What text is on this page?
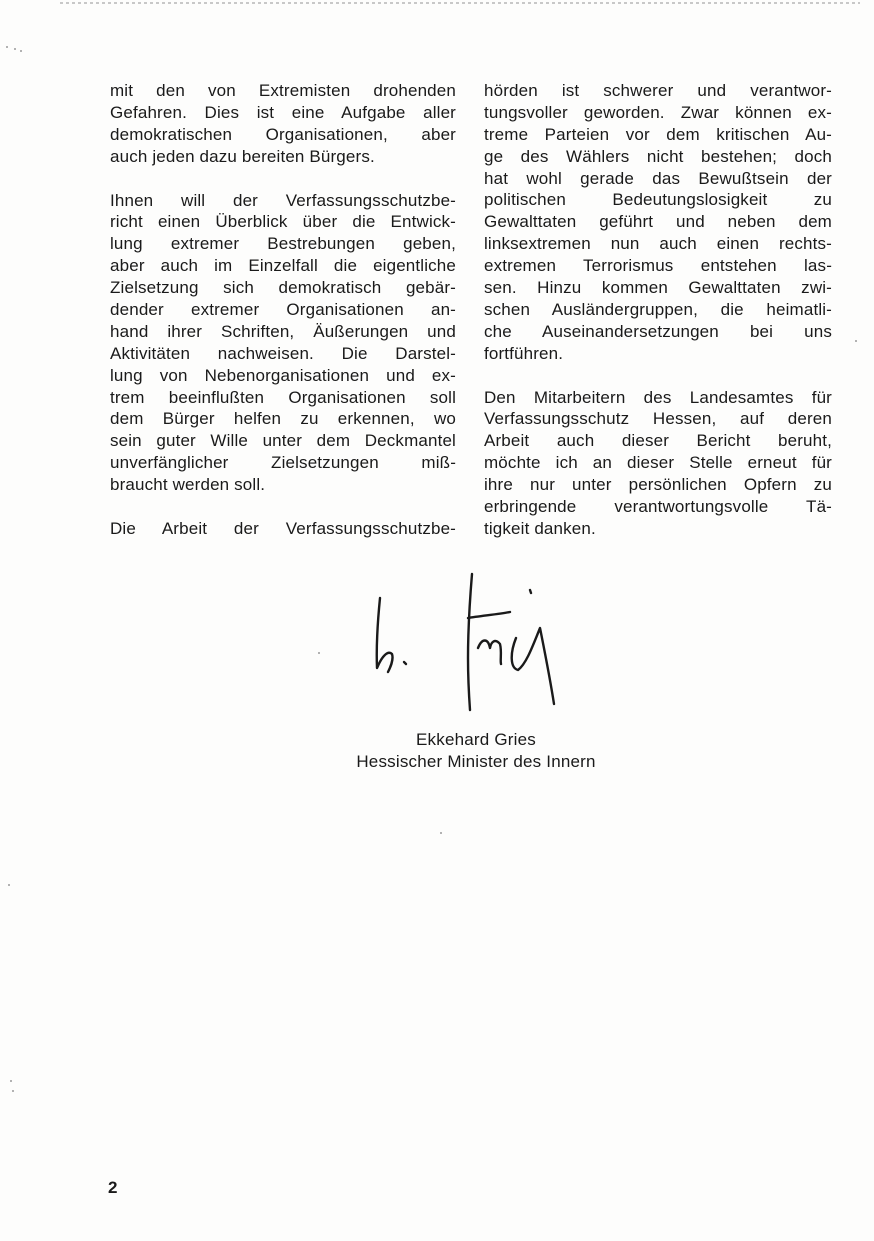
mit den von Extremisten drohenden
Gefahren. Dies ist eine Aufgabe aller
demokratischen Organisationen, aber
auch jeden dazu bereiten Bürgers.
Ihnen will der Verfassungsschutzbe-
richt einen Überblick über die Entwick-
lung extremer Bestrebungen geben,
aber auch im Einzelfall die eigentliche
Zielsetzung sich demokratisch gebär-
dender extremer Organisationen an-
hand ihrer Schriften, Äußerungen und
Aktivitäten nachweisen. Die Darstel-
lung von Nebenorganisationen und ex-
trem beeinflußten Organisationen soll
dem Bürger helfen zu erkennen, wo
sein guter Wille unter dem Deckmantel
unverfänglicher Zielsetzungen miß-
braucht werden soll.
Die Arbeit der Verfassungsschutzbe-
hörden ist schwerer und verantwor-
tungsvoller geworden. Zwar können ex-
treme Parteien vor dem kritischen Au-
ge des Wählers nicht bestehen; doch
hat wohl gerade das Bewußtsein der
politischen Bedeutungslosigkeit zu
Gewalttaten geführt und neben dem
linksextremen nun auch einen rechts-
extremen Terrorismus entstehen las-
sen. Hinzu kommen Gewalttaten zwi-
schen Ausländergruppen, die heimatli-
che Auseinandersetzungen bei uns
fortführen.
Den Mitarbeitern des Landesamtes für
Verfassungsschutz Hessen, auf deren
Arbeit auch dieser Bericht beruht,
möchte ich an dieser Stelle erneut für
ihre nur unter persönlichen Opfern zu
erbringende verantwortungsvolle Tä-
tigkeit danken.
Ekkehard Gries
Hessischer Minister des Innern
2
